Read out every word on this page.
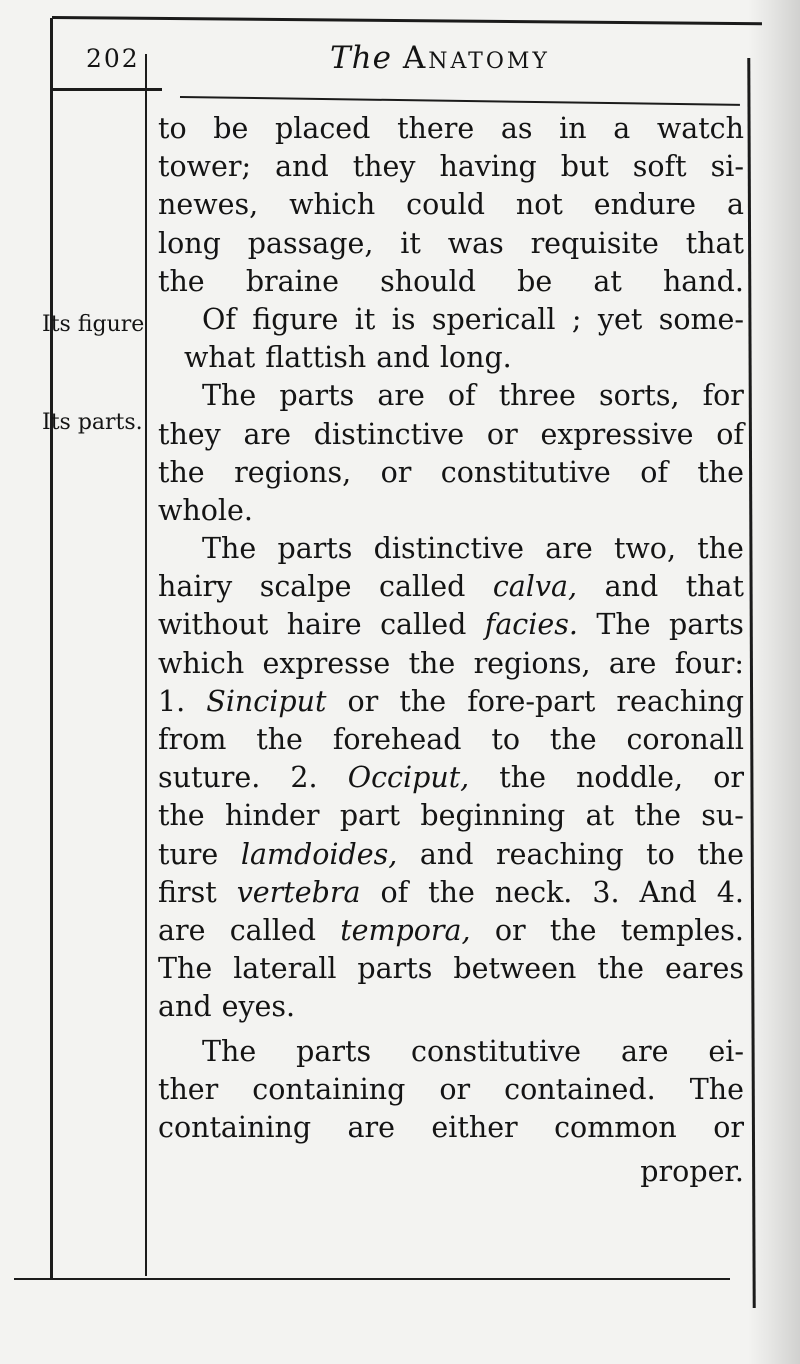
202	The Anatomy
Its figure
Its parts.
to be placed there as in a watch
tower; and they having but soft si-
newes, which could not endure a
long passage, it was requisite that
the braine should be at hand.
Of figure it is spericall ; yet some-
what flattish and long.
The parts are of three sorts, for
they are distinctive or expressive of
the regions, or constitutive of the
whole.
The parts distinctive are two, the
hairy scalpe called calva, and that
without haire called facies. The parts
which expresse the regions, are four:
1. Sinciput or the fore-part reaching
from the forehead to the coronall
suture. 2. Occiput, the noddle, or
the hinder part beginning at the su-
ture lamdoides, and reaching to the
first vertebra of the neck. 3. And 4.
are called tempora, or the temples.
The laterall parts between the eares
and eyes.
The parts constitutive are ei-
ther containing or contained. The
containing are either common or
proper.
